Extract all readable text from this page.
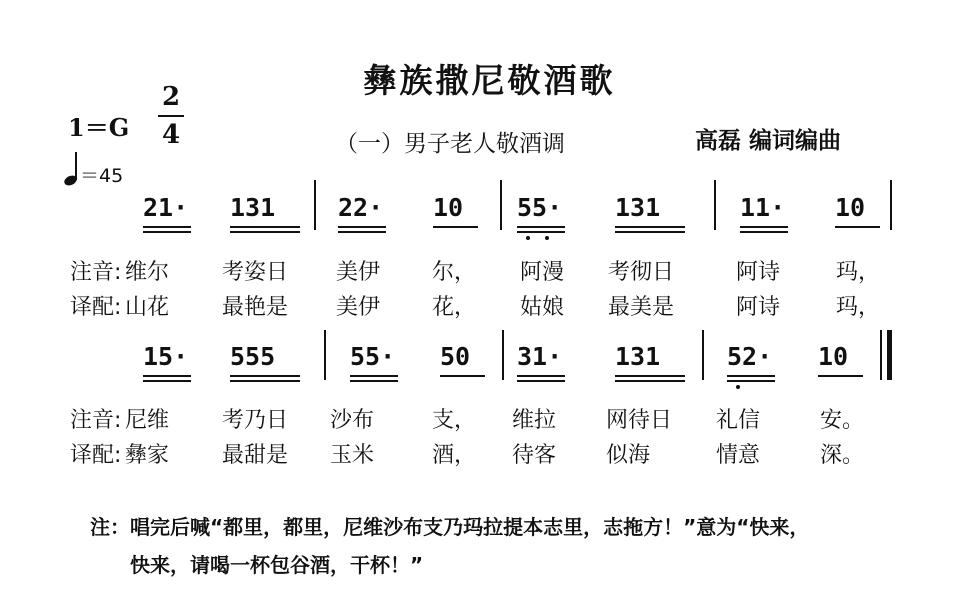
彝族撒尼敬酒歌
1＝G
2
4	（一）男子老人敬酒调	高磊 编词编曲
＝45
21· 131	22· 10 55· 131	11· 10
注音: 维尔 考姿日 美伊 尔， 阿漫 考彻日	阿诗	玛，
译配: 山花 最艳是 美伊 花， 姑娘 最美是	阿诗	玛，
15· 555	55· 50 31· 131	52· 10
注音: 尼维 考乃日 沙布	支， 维拉 网待日 礼信	安。
译配: 彝家 最甜是 玉米	酒， 待客 似海	情意	深。
注：唱完后喊“都里，都里，尼维沙布支乃玛拉提本志里，志拖方！”意为“快来，
快来，请喝一杯包谷酒，干杯！”
